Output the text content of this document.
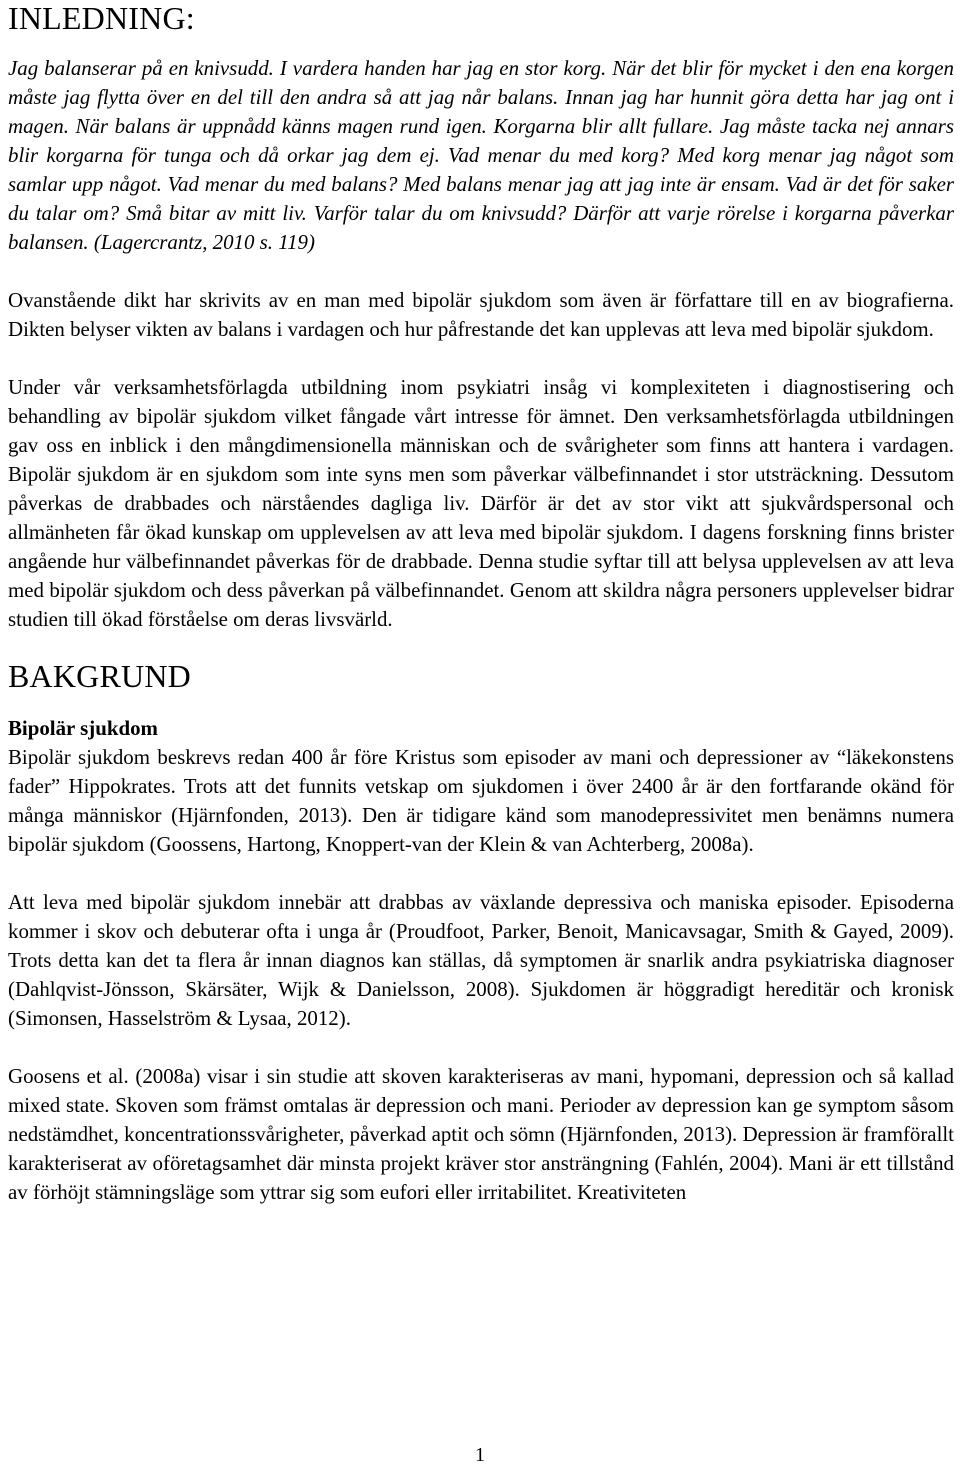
INLEDNING:

Jag balanserar på en knivsudd. I vardera handen har jag en stor korg. När det blir för mycket i den ena korgen måste jag flytta över en del till den andra så att jag når balans. Innan jag har hunnit göra detta har jag ont i magen. När balans är uppnådd känns magen rund igen. Korgarna blir allt fullare. Jag måste tacka nej annars blir korgarna för tunga och då orkar jag dem ej. Vad menar du med korg? Med korg menar jag något som samlar upp något. Vad menar du med balans? Med balans menar jag att jag inte är ensam. Vad är det för saker du talar om? Små bitar av mitt liv. Varför talar du om knivsudd? Därför att varje rörelse i korgarna påverkar balansen. (Lagercrantz, 2010 s. 119)

Ovanstående dikt har skrivits av en man med bipolär sjukdom som även är författare till en av biografierna. Dikten belyser vikten av balans i vardagen och hur påfrestande det kan upplevas att leva med bipolär sjukdom.

Under vår verksamhetsförlagda utbildning inom psykiatri insåg vi komplexiteten i diagnostisering och behandling av bipolär sjukdom vilket fångade vårt intresse för ämnet. Den verksamhetsförlagda utbildningen gav oss en inblick i den mångdimensionella människan och de svårigheter som finns att hantera i vardagen. Bipolär sjukdom är en sjukdom som inte syns men som påverkar välbefinnandet i stor utsträckning. Dessutom påverkas de drabbades och närståendes dagliga liv. Därför är det av stor vikt att sjukvårdspersonal och allmänheten får ökad kunskap om upplevelsen av att leva med bipolär sjukdom. I dagens forskning finns brister angående hur välbefinnandet påverkas för de drabbade. Denna studie syftar till att belysa upplevelsen av att leva med bipolär sjukdom och dess påverkan på välbefinnandet. Genom att skildra några personers upplevelser bidrar studien till ökad förståelse om deras livsvärld.

BAKGRUND
Bipolär sjukdom

Bipolär sjukdom beskrevs redan 400 år före Kristus som episoder av mani och depressioner av “läkekonstens fader” Hippokrates. Trots att det funnits vetskap om sjukdomen i över 2400 år är den fortfarande okänd för många människor (Hjärnfonden, 2013). Den är tidigare känd som manodepressivitet men benämns numera bipolär sjukdom (Goossens, Hartong, Knoppert-van der Klein & van Achterberg, 2008a).

Att leva med bipolär sjukdom innebär att drabbas av växlande depressiva och maniska episoder. Episoderna kommer i skov och debuterar ofta i unga år (Proudfoot, Parker, Benoit, Manicavsagar, Smith & Gayed, 2009). Trots detta kan det ta flera år innan diagnos kan ställas, då symptomen är snarlik andra psykiatriska diagnoser (Dahlqvist-Jönsson, Skärsäter, Wijk & Danielsson, 2008). Sjukdomen är höggradigt hereditär och kronisk (Simonsen, Hasselström & Lysaa, 2012).

Goosens et al. (2008a) visar i sin studie att skoven karakteriseras av mani, hypomani, depression och så kallad mixed state. Skoven som främst omtalas är depression och mani. Perioder av depression kan ge symptom såsom nedstämdhet, koncentrationssvårigheter, påverkad aptit och sömn (Hjärnfonden, 2013). Depression är framförallt karakteriserat av oföretagsamhet där minsta projekt kräver stor ansträngning (Fahlén, 2004). Mani är ett tillstånd av förhöjt stämningsläge som yttrar sig som eufori eller irritabilitet. Kreativiteten

1
